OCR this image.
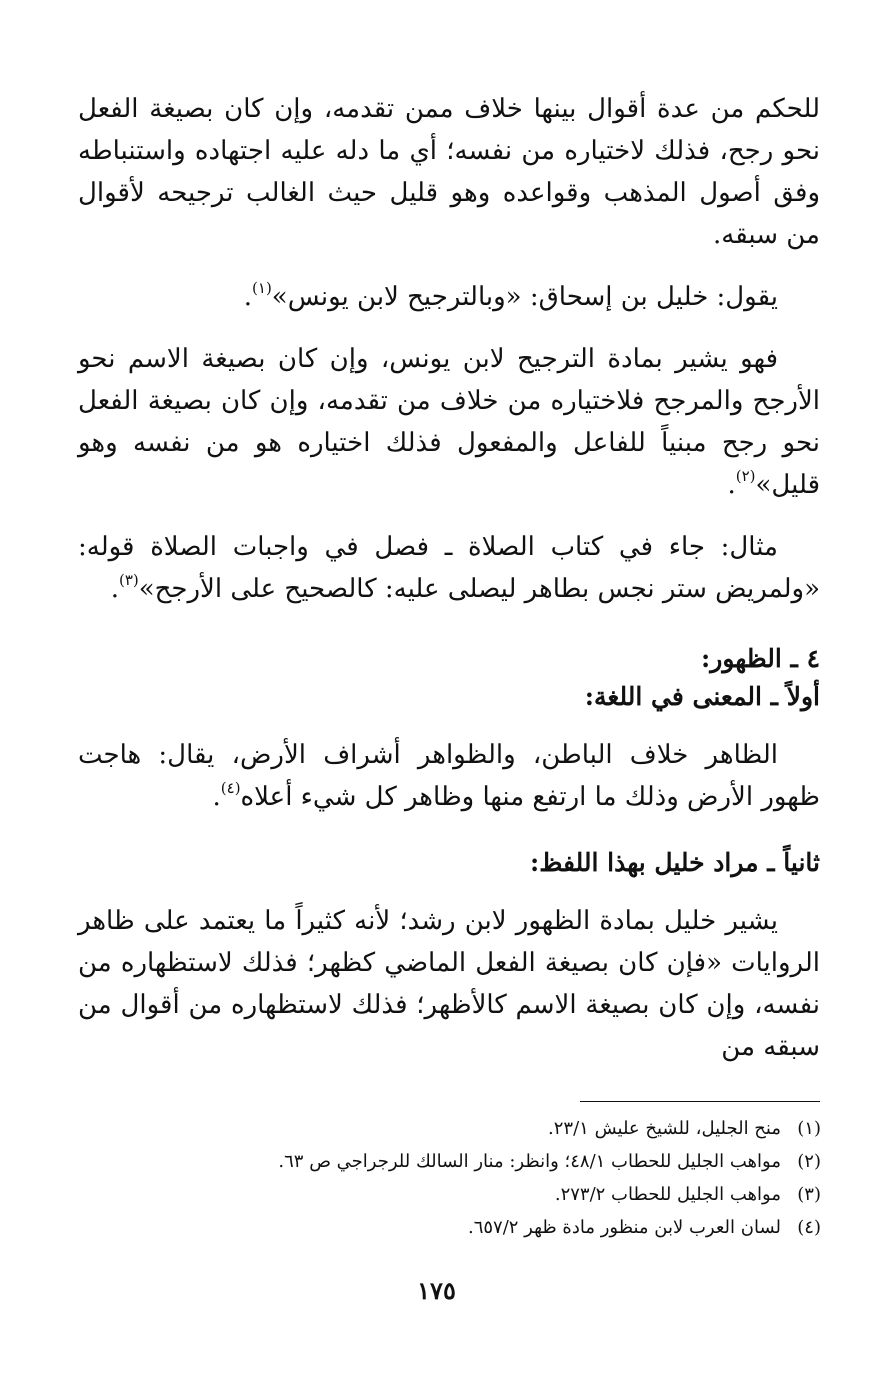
للحكم من عدة أقوال بينها خلاف ممن تقدمه، وإن كان بصيغة الفعل نحو رجح، فذلك لاختياره من نفسه؛ أي ما دله عليه اجتهاده واستنباطه وفق أصول المذهب وقواعده وهو قليل حيث الغالب ترجيحه لأقوال من سبقه.

يقول: خليل بن إسحاق: «وبالترجيح لابن يونس»$^{(١)}$.

فهو يشير بمادة الترجيح لابن يونس، وإن كان بصيغة الاسم نحو الأرجح والمرجح فلاختياره من خلاف من تقدمه، وإن كان بصيغة الفعل نحو رجح مبنياً للفاعل والمفعول فذلك اختياره هو من نفسه وهو قليل»$^{(٢)}$.

مثال: جاء في كتاب الصلاة ـ فصل في واجبات الصلاة قوله: «ولمريض ستر نجس بطاهر ليصلى عليه: كالصحيح على الأرجح»$^{(٣)}$.

٤ ـ الظهور:

أولاً ـ المعنى في اللغة:

الظاهر خلاف الباطن، والظواهر أشراف الأرض، يقال: هاجت ظهور الأرض وذلك ما ارتفع منها وظاهر كل شيء أعلاه$^{(٤)}$.

ثانياً ـ مراد خليل بهذا اللفظ:

يشير خليل بمادة الظهور لابن رشد؛ لأنه كثيراً ما يعتمد على ظاهر الروايات «فإن كان بصيغة الفعل الماضي كظهر؛ فذلك لاستظهاره من نفسه، وإن كان بصيغة الاسم كالأظهر؛ فذلك لاستظهاره من أقوال من سبقه من

(١)منح الجليل، للشيخ عليش ٢٣/١.

(٢)مواهب الجليل للحطاب ٤٨/١؛ وانظر: منار السالك للرجراجي ص ٦٣.

(٣)مواهب الجليل للحطاب ٢٧٣/٢.

(٤)لسان العرب لابن منظور مادة ظهر ٦٥٧/٢.

١٧٥
